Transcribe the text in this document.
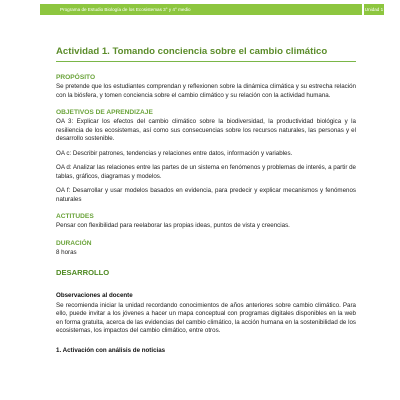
Programa de Estudio Biología de los Ecosistemas 3° y 4° medio	Unidad 1
Actividad 1. Tomando conciencia sobre el cambio climático
PROPÓSITO
Se pretende que los estudiantes comprendan y reflexionen sobre la dinámica climática y su estrecha relación con la biósfera, y tomen conciencia sobre el cambio climático y su relación con la actividad humana.
OBJETIVOS DE APRENDIZAJE
OA 3: Explicar los efectos del cambio climático sobre la biodiversidad, la productividad biológica y la resiliencia de los ecosistemas, así como sus consecuencias sobre los recursos naturales, las personas y el desarrollo sostenible.
OA c: Describir patrones, tendencias y relaciones entre datos, información y variables.
OA d: Analizar las relaciones entre las partes de un sistema en fenómenos y problemas de interés, a partir de tablas, gráficos, diagramas y modelos.
OA f: Desarrollar y usar modelos basados en evidencia, para predecir y explicar mecanismos y fenómenos naturales
ACTITUDES
Pensar con flexibilidad para reelaborar las propias ideas, puntos de vista y creencias.
DURACIÓN
8 horas
DESARROLLO
Observaciones al docente
Se recomienda iniciar la unidad recordando conocimientos de años anteriores sobre cambio climático. Para ello, puede invitar a los jóvenes a hacer un mapa conceptual con programas digitales disponibles en la web en forma gratuita, acerca de las evidencias del cambio climático, la acción humana en la sostenibilidad de los ecosistemas, los impactos del cambio climático, entre otros.
1. Activación con análisis de noticias
